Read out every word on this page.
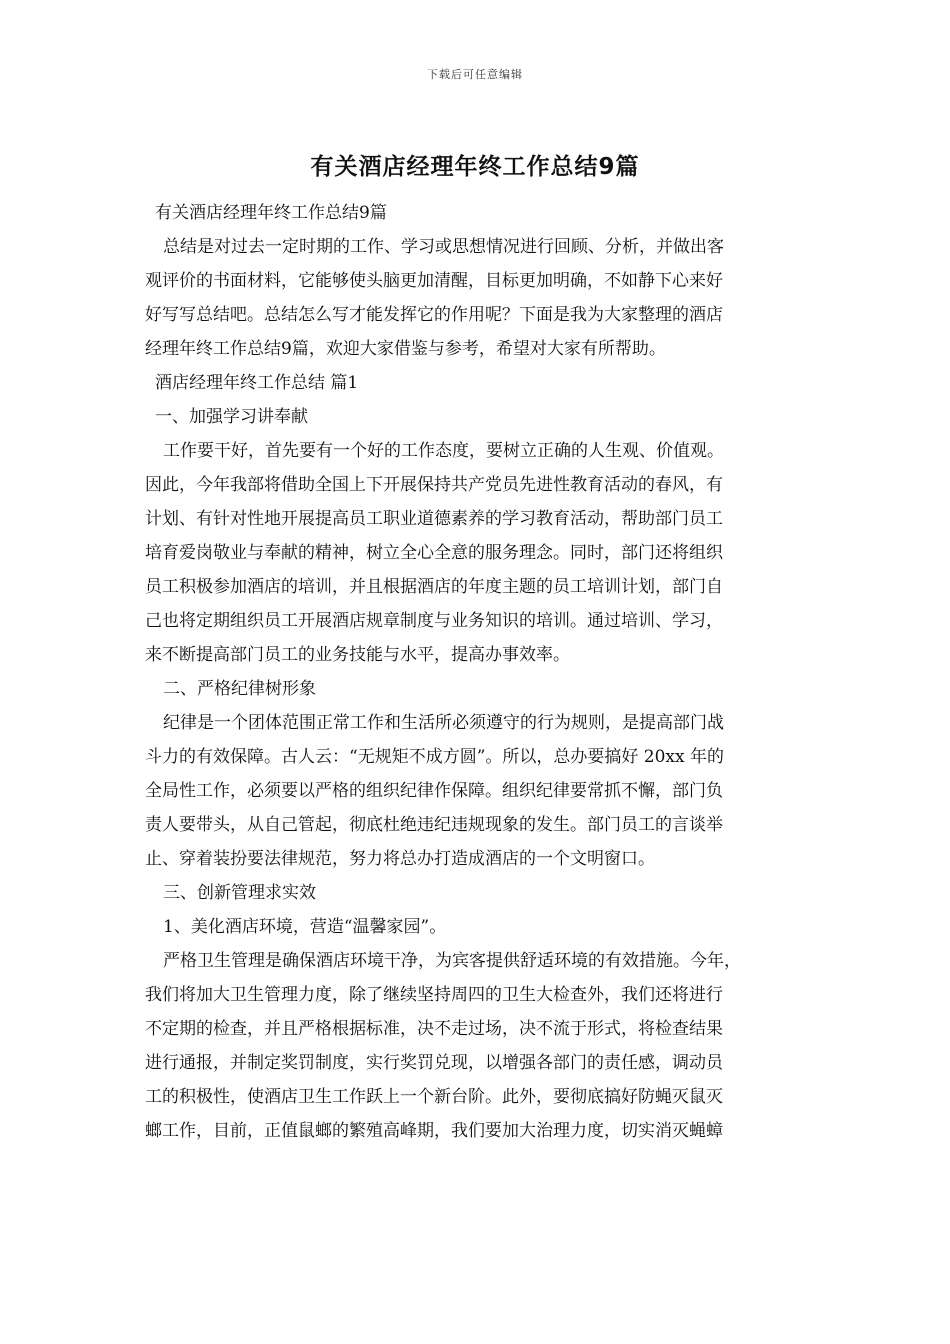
下载后可任意编辑
有关酒店经理年终工作总结9篇
有关酒店经理年终工作总结9篇
总结是对过去一定时期的工作、学习或思想情况进行回顾、分析，并做出客
观评价的书面材料，它能够使头脑更加清醒，目标更加明确，不如静下心来好
好写写总结吧。总结怎么写才能发挥它的作用呢？下面是我为大家整理的酒店
经理年终工作总结9篇，欢迎大家借鉴与参考，希望对大家有所帮助。
酒店经理年终工作总结 篇1
一、加强学习讲奉献
工作要干好，首先要有一个好的工作态度，要树立正确的人生观、价值观。
因此，今年我部将借助全国上下开展保持共产党员先进性教育活动的春风，有
计划、有针对性地开展提高员工职业道德素养的学习教育活动，帮助部门员工
培育爱岗敬业与奉献的精神，树立全心全意的服务理念。同时，部门还将组织
员工积极参加酒店的培训，并且根据酒店的年度主题的员工培训计划，部门自
己也将定期组织员工开展酒店规章制度与业务知识的培训。通过培训、学习，
来不断提高部门员工的业务技能与水平，提高办事效率。
二、严格纪律树形象
纪律是一个团体范围正常工作和生活所必须遵守的行为规则，是提高部门战
斗力的有效保障。古人云：“无规矩不成方圆”。所以，总办要搞好 20xx 年的
全局性工作，必须要以严格的组织纪律作保障。组织纪律要常抓不懈，部门负
责人要带头，从自己管起，彻底杜绝违纪违规现象的发生。部门员工的言谈举
止、穿着装扮要法律规范，努力将总办打造成酒店的一个文明窗口。
三、创新管理求实效
1、美化酒店环境，营造“温馨家园”。
严格卫生管理是确保酒店环境干净，为宾客提供舒适环境的有效措施。今年，
我们将加大卫生管理力度，除了继续坚持周四的卫生大检查外，我们还将进行
不定期的检查，并且严格根据标准，决不走过场，决不流于形式，将检查结果
进行通报，并制定奖罚制度，实行奖罚兑现，以增强各部门的责任感，调动员
工的积极性，使酒店卫生工作跃上一个新台阶。此外，要彻底搞好防蝇灭鼠灭
螂工作，目前，正值鼠螂的繁殖高峰期，我们要加大治理力度，切实消灭蝇蟑
